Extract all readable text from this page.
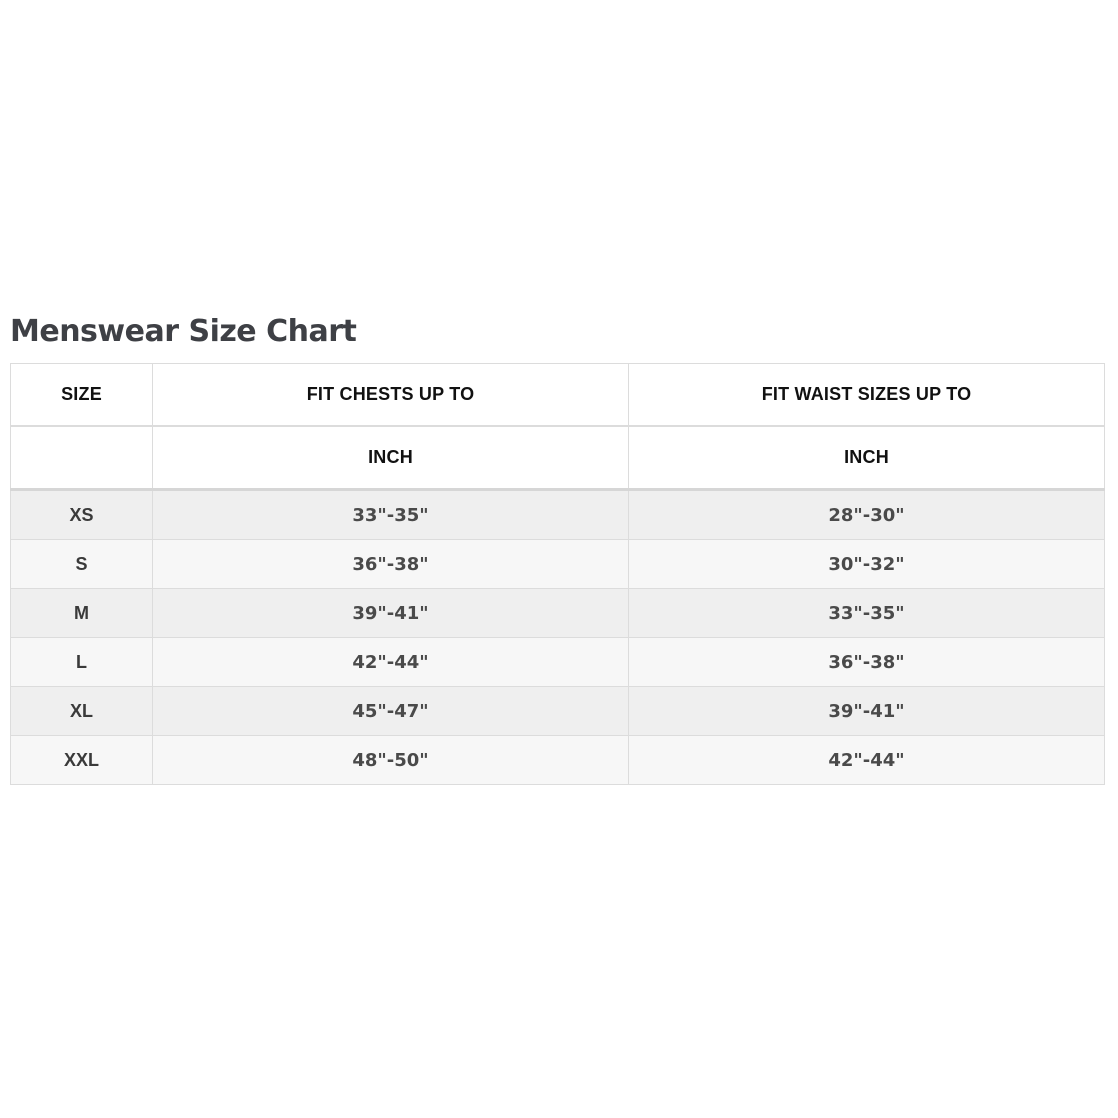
Menswear Size Chart
SIZE	FIT CHESTS UP TO	FIT WAIST SIZES UP TO
	INCH	INCH
XS	33"-35"	28"-30"
S	36"-38"	30"-32"
M	39"-41"	33"-35"
L	42"-44"	36"-38"
XL	45"-47"	39"-41"
XXL	48"-50"	42"-44"
